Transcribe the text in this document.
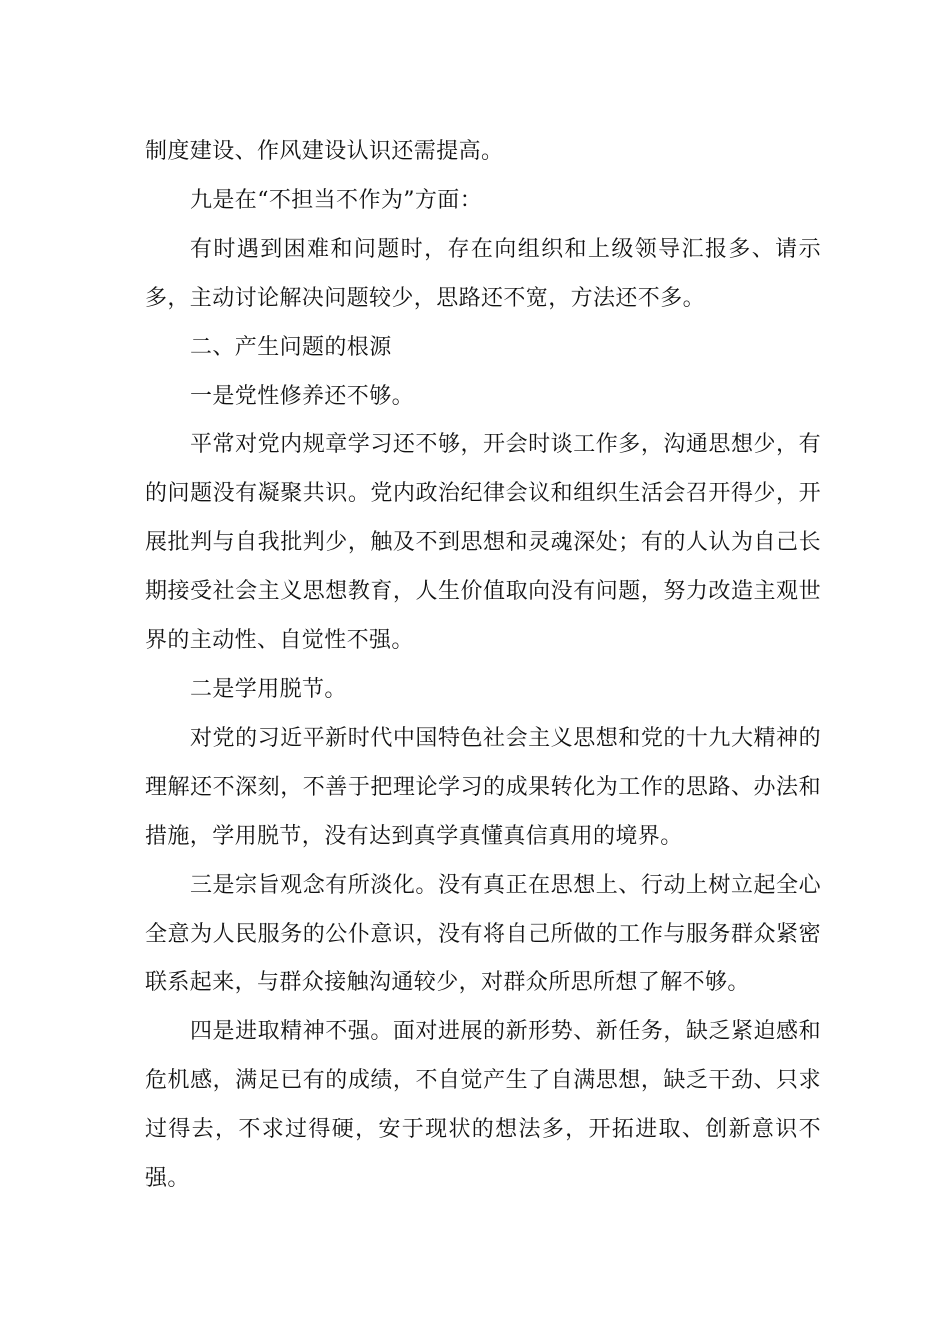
制度建设、作风建设认识还需提高。

九是在“不担当不作为”方面：

有时遇到困难和问题时，存在向组织和上级领导汇报多、请示多，主动讨论解决问题较少，思路还不宽，方法还不多。

二、产生问题的根源

一是党性修养还不够。

平常对党内规章学习还不够，开会时谈工作多，沟通思想少，有的问题没有凝聚共识。党内政治纪律会议和组织生活会召开得少，开展批判与自我批判少，触及不到思想和灵魂深处；有的人认为自己长期接受社会主义思想教育，人生价值取向没有问题，努力改造主观世界的主动性、自觉性不强。

二是学用脱节。

对党的习近平新时代中国特色社会主义思想和党的十九大精神的理解还不深刻，不善于把理论学习的成果转化为工作的思路、办法和措施，学用脱节，没有达到真学真懂真信真用的境界。

三是宗旨观念有所淡化。没有真正在思想上、行动上树立起全心全意为人民服务的公仆意识，没有将自己所做的工作与服务群众紧密联系起来，与群众接触沟通较少，对群众所思所想了解不够。

四是进取精神不强。面对进展的新形势、新任务，缺乏紧迫感和危机感，满足已有的成绩，不自觉产生了自满思想，缺乏干劲、只求过得去，不求过得硬，安于现状的想法多，开拓进取、创新意识不强。
